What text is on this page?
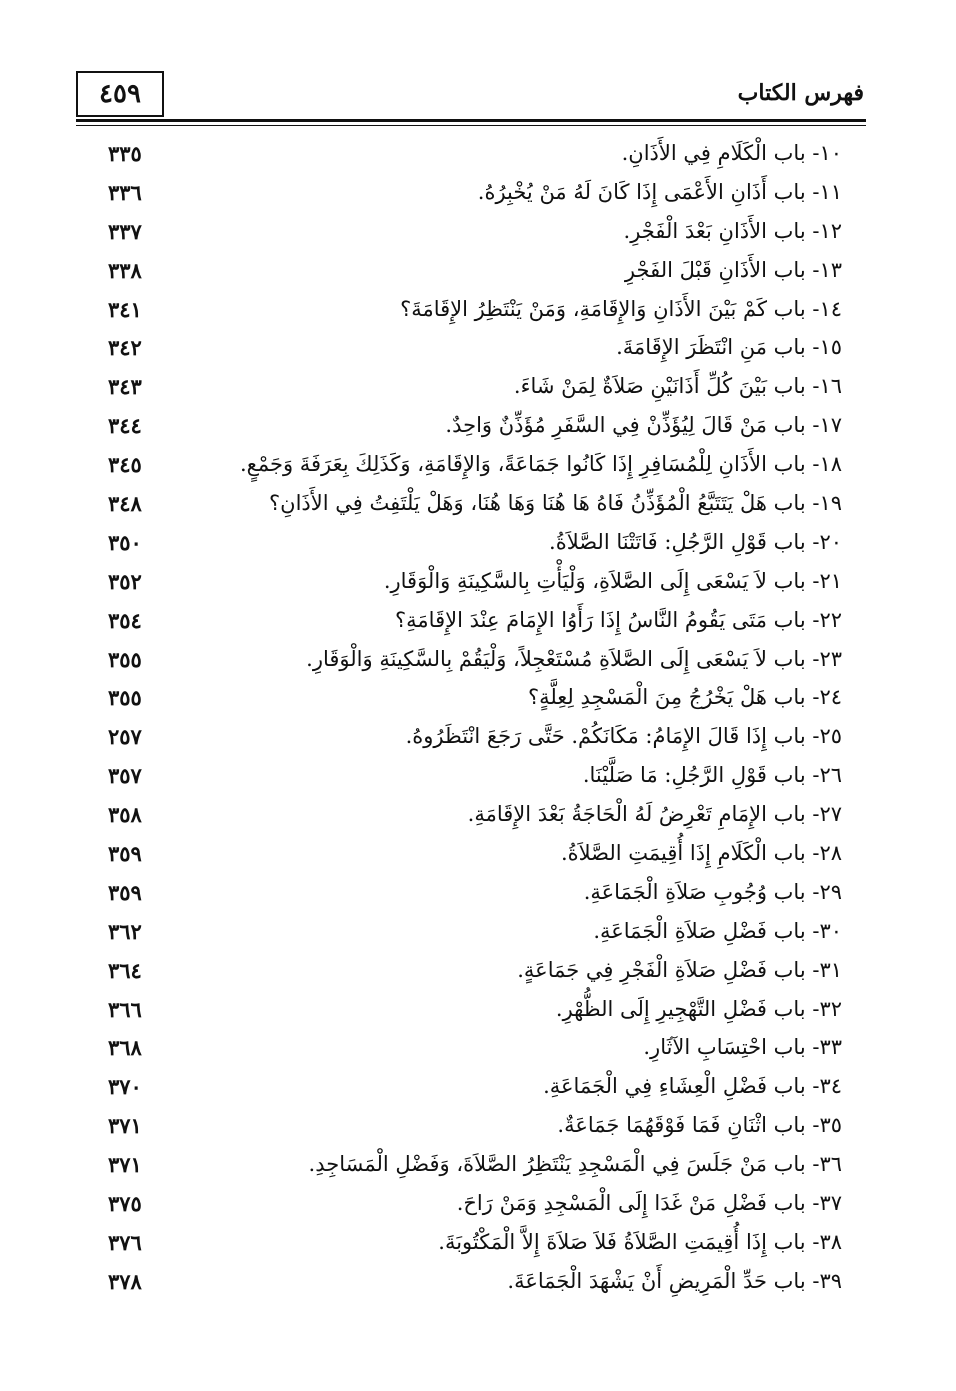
٤٥٩	فهرس الكتاب
١٠- باب الْكَلَامِ فِي الأَذَانِ.
٣٣٥
١١- باب أَذَانِ الأَعْمَى إِذَا كَانَ لَهُ مَنْ يُخْبِرُهُ.
٣٣٦
١٢- باب الأَذَانِ بَعْدَ الْفَجْرِ.
٣٣٧
١٣- باب الأَذَانِ قَبْلَ الفَجْرِ
٣٣٨
١٤- باب كَمْ بَيْنَ الأَذَانِ وَالإِقَامَةِ، وَمَنْ يَنْتَظِرُ الإِقَامَةَ؟
٣٤١
١٥- باب مَنِ انْتَظَرَ الإِقَامَةَ.
٣٤٢
١٦- باب بَيْنَ كُلِّ أَذَانَيْنِ صَلاَةٌ لِمَنْ شَاءَ.
٣٤٣
١٧- باب مَنْ قَالَ لِيُؤَذِّنْ فِي السَّفَرِ مُؤَذِّنٌ وَاحِدٌ.
٣٤٤
١٨- باب الأَذَانِ لِلْمُسَافِرِ إِذَا كَانُوا جَمَاعَةً، وَالإِقَامَةِ، وَكَذَلِكَ بِعَرَفَةَ وَجَمْعٍ.
٣٤٥
١٩- باب هَلْ يَتَتَبَّعُ الْمُؤَذِّنُ فَاهُ هَا هُنَا وَهَا هُنَا، وَهَلْ يَلْتَفِتُ فِي الأَذَانِ؟
٣٤٨
٢٠- باب قَوْلِ الرَّجُلِ: فَاتَتْنَا الصَّلاَةُ.
٣٥٠
٢١- باب لاَ يَسْعَى إِلَى الصَّلاَةِ، وَلْيَأْتِ بِالسَّكِينَةِ وَالْوَقَارِ.
٣٥٢
٢٢- باب مَتَى يَقُومُ النَّاسُ إِذَا رَأَوُا الإِمَامَ عِنْدَ الإِقَامَةِ؟
٣٥٤
٢٣- باب لاَ يَسْعَى إِلَى الصَّلاَةِ مُسْتَعْجِلاً، وَلْيَقُمْ بِالسَّكِينَةِ وَالْوَقَارِ.
٣٥٥
٢٤- باب هَلْ يَخْرُجُ مِنَ الْمَسْجِدِ لِعِلَّةٍ؟
٣٥٥
٢٥- باب إِذَا قَالَ الإِمَامُ: مَكَانَكُمْ. حَتَّى رَجَعَ انْتَظَرُوهُ.
٢٥٧
٢٦- باب قَوْلِ الرَّجُلِ: مَا صَلَّيْنَا.
٣٥٧
٢٧- باب الإِمَامِ تَعْرِضُ لَهُ الْحَاجَةُ بَعْدَ الإِقَامَةِ.
٣٥٨
٢٨- باب الْكَلَامِ إِذَا أُقِيمَتِ الصَّلاَةُ.
٣٥٩
٢٩- باب وُجُوبِ صَلاَةِ الْجَمَاعَةِ.
٣٥٩
٣٠- باب فَضْلِ صَلاَةِ الْجَمَاعَةِ.
٣٦٢
٣١- باب فَضْلِ صَلاَةِ الْفَجْرِ فِي جَمَاعَةٍ.
٣٦٤
٣٢- باب فَضْلِ التَّهْجِيرِ إِلَى الظُّهْرِ.
٣٦٦
٣٣- باب احْتِسَابِ الآثَارِ.
٣٦٨
٣٤- باب فَضْلِ الْعِشَاءِ فِي الْجَمَاعَةِ.
٣٧٠
٣٥- باب اثْنَانِ فَمَا فَوْقَهُمَا جَمَاعَةٌ.
٣٧١
٣٦- باب مَنْ جَلَسَ فِي الْمَسْجِدِ يَنْتَظِرُ الصَّلاَةَ، وَفَضْلِ الْمَسَاجِدِ.
٣٧١
٣٧- باب فَضْلِ مَنْ غَدَا إِلَى الْمَسْجِدِ وَمَنْ رَاحَ.
٣٧٥
٣٨- باب إِذَا أُقِيمَتِ الصَّلاَةُ فَلاَ صَلاَةَ إِلاَّ الْمَكْتُوبَةَ.
٣٧٦
٣٩- باب حَدِّ الْمَرِيضِ أَنْ يَشْهَدَ الْجَمَاعَةَ.
٣٧٨
